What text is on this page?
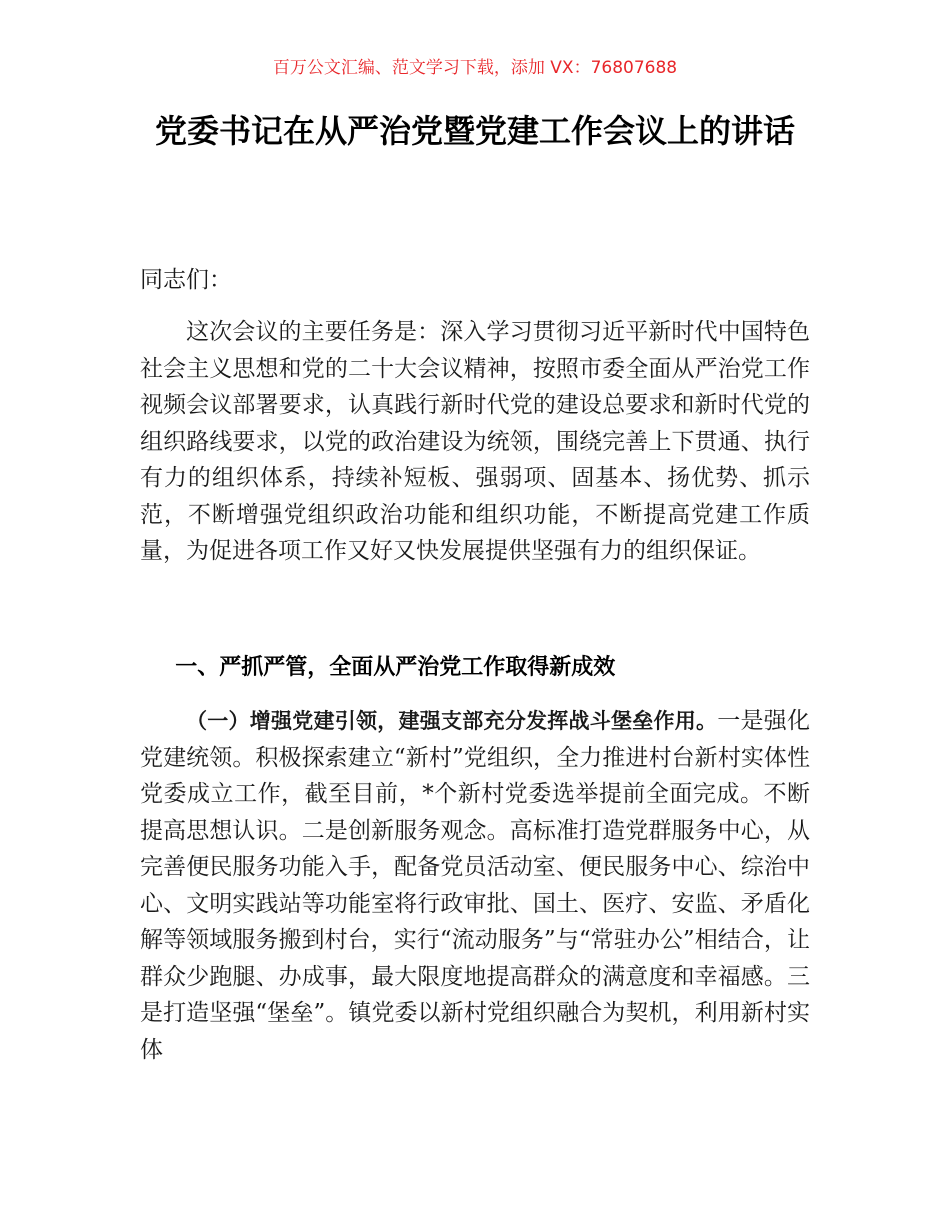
百万公文汇编、范文学习下载，添加 VX：76807688
党委书记在从严治党暨党建工作会议上的讲话

同志们：

这次会议的主要任务是：深入学习贯彻习近平新时代中国特色社会主义思想和党的二十大会议精神，按照市委全面从严治党工作视频会议部署要求，认真践行新时代党的建设总要求和新时代党的组织路线要求，以党的政治建设为统领，围绕完善上下贯通、执行有力的组织体系，持续补短板、强弱项、固基本、扬优势、抓示范，不断增强党组织政治功能和组织功能，不断提高党建工作质量，为促进各项工作又好又快发展提供坚强有力的组织保证。

一、严抓严管，全面从严治党工作取得新成效

（一）增强党建引领，建强支部充分发挥战斗堡垒作用。一是强化党建统领。积极探索建立“新村”党组织，全力推进村台新村实体性党委成立工作，截至目前，*个新村党委选举提前全面完成。不断提高思想认识。二是创新服务观念。高标准打造党群服务中心，从完善便民服务功能入手，配备党员活动室、便民服务中心、综治中心、文明实践站等功能室将行政审批、国土、医疗、安监、矛盾化解等领域服务搬到村台，实行“流动服务”与“常驻办公”相结合，让群众少跑腿、办成事，最大限度地提高群众的满意度和幸福感。三是打造坚强“堡垒”。镇党委以新村党组织融合为契机，利用新村实体
